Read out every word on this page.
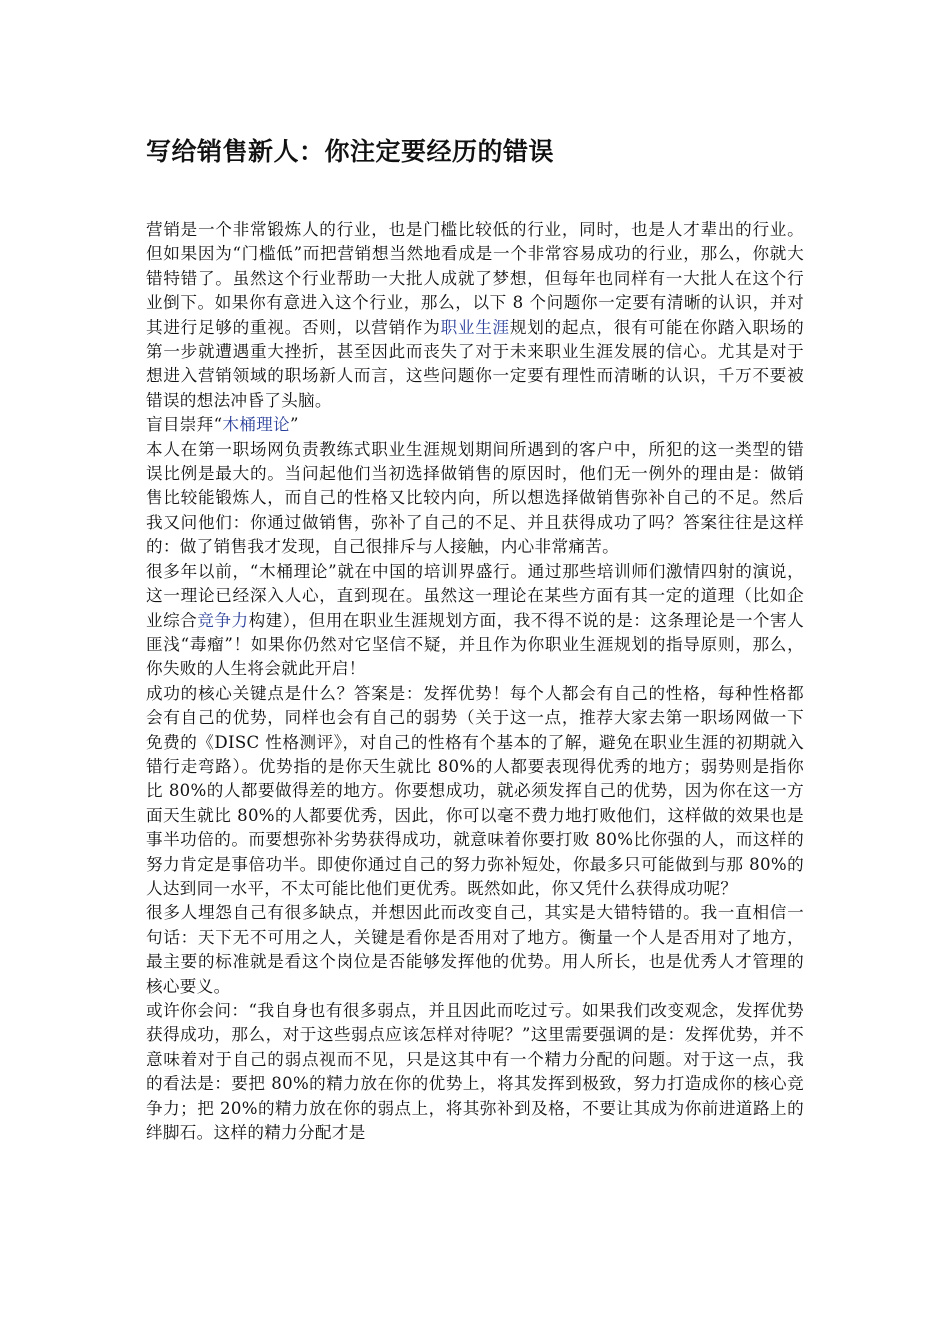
写给销售新人：你注定要经历的错误

营销是一个非常锻炼人的行业，也是门槛比较低的行业，同时，也是人才辈出的行业。但如果因为“门槛低”而把营销想当然地看成是一个非常容易成功的行业，那么，你就大错特错了。虽然这个行业帮助一大批人成就了梦想，但每年也同样有一大批人在这个行业倒下。如果你有意进入这个行业，那么，以下 8 个问题你一定要有清晰的认识，并对其进行足够的重视。否则，以营销作为职业生涯规划的起点，很有可能在你踏入职场的第一步就遭遇重大挫折，甚至因此而丧失了对于未来职业生涯发展的信心。尤其是对于想进入营销领域的职场新人而言，这些问题你一定要有理性而清晰的认识，千万不要被错误的想法冲昏了头脑。

盲目崇拜“木桶理论”

本人在第一职场网负责教练式职业生涯规划期间所遇到的客户中，所犯的这一类型的错误比例是最大的。当问起他们当初选择做销售的原因时，他们无一例外的理由是：做销售比较能锻炼人，而自己的性格又比较内向，所以想选择做销售弥补自己的不足。然后我又问他们：你通过做销售，弥补了自己的不足、并且获得成功了吗？答案往往是这样的：做了销售我才发现，自己很排斥与人接触，内心非常痛苦。

很多年以前，“木桶理论”就在中国的培训界盛行。通过那些培训师们激情四射的演说，这一理论已经深入人心，直到现在。虽然这一理论在某些方面有其一定的道理（比如企业综合竞争力构建），但用在职业生涯规划方面，我不得不说的是：这条理论是一个害人匪浅“毒瘤”！如果你仍然对它坚信不疑，并且作为你职业生涯规划的指导原则，那么，你失败的人生将会就此开启！

成功的核心关键点是什么？答案是：发挥优势！每个人都会有自己的性格，每种性格都会有自己的优势，同样也会有自己的弱势（关于这一点，推荐大家去第一职场网做一下免费的《DISC 性格测评》，对自己的性格有个基本的了解，避免在职业生涯的初期就入错行走弯路）。优势指的是你天生就比 80%的人都要表现得优秀的地方；弱势则是指你比 80%的人都要做得差的地方。你要想成功，就必须发挥自己的优势，因为你在这一方面天生就比 80%的人都要优秀，因此，你可以毫不费力地打败他们，这样做的效果也是事半功倍的。而要想弥补劣势获得成功，就意味着你要打败 80%比你强的人，而这样的努力肯定是事倍功半。即使你通过自己的努力弥补短处，你最多只可能做到与那 80%的人达到同一水平，不太可能比他们更优秀。既然如此，你又凭什么获得成功呢？

很多人埋怨自己有很多缺点，并想因此而改变自己，其实是大错特错的。我一直相信一句话：天下无不可用之人，关键是看你是否用对了地方。衡量一个人是否用对了地方，最主要的标准就是看这个岗位是否能够发挥他的优势。用人所长，也是优秀人才管理的核心要义。

或许你会问：“我自身也有很多弱点，并且因此而吃过亏。如果我们改变观念，发挥优势获得成功，那么，对于这些弱点应该怎样对待呢？”这里需要强调的是：发挥优势，并不意味着对于自己的弱点视而不见，只是这其中有一个精力分配的问题。对于这一点，我的看法是：要把 80%的精力放在你的优势上，将其发挥到极致，努力打造成你的核心竞争力；把 20%的精力放在你的弱点上，将其弥补到及格，不要让其成为你前进道路上的绊脚石。这样的精力分配才是
